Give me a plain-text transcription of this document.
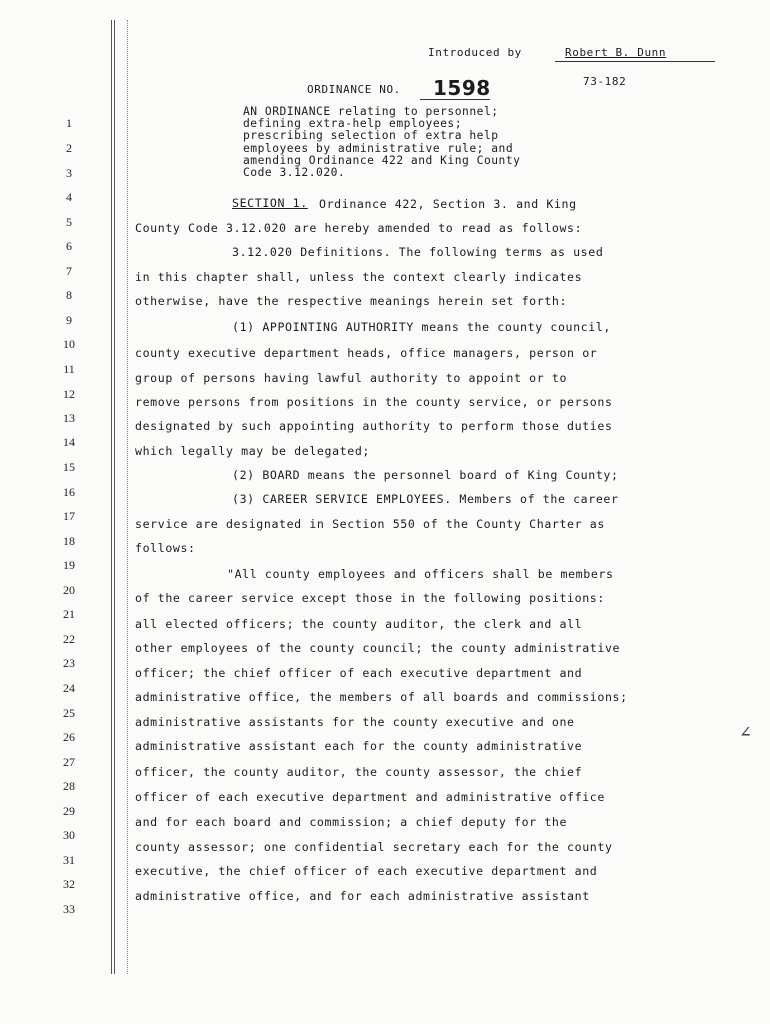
∠
Introduced by	Robert B. Dunn
73-182
ORDINANCE NO. 1598
AN ORDINANCE relating to personnel;
defining extra-help employees;
prescribing selection of extra help
employees by administrative rule; and
amending Ordinance 422 and King County
Code 3.12.020.
1
2
3
4
5
6
7
8
9
10
11
12
13
14
15
16
17
18
19
20
21
22
23
24
25
26
27
28
29
30
31
32
33
SECTION 1. Ordinance 422, Section 3. and King
County Code 3.12.020 are hereby amended to read as follows:
3.12.020 Definitions. The following terms as used
in this chapter shall, unless the context clearly indicates
otherwise, have the respective meanings herein set forth:
(1) APPOINTING AUTHORITY means the county council,
county executive department heads, office managers, person or
group of persons having lawful authority to appoint or to
remove persons from positions in the county service, or persons
designated by such appointing authority to perform those duties
which legally may be delegated;
(2) BOARD means the personnel board of King County;
(3) CAREER SERVICE EMPLOYEES. Members of the career
service are designated in Section 550 of the County Charter as
follows:
"All county employees and officers shall be members
of the career service except those in the following positions:
all elected officers; the county auditor, the clerk and all
other employees of the county council; the county administrative
officer; the chief officer of each executive department and
administrative office, the members of all boards and commissions;
administrative assistants for the county executive and one
administrative assistant each for the county administrative
officer, the county auditor, the county assessor, the chief
officer of each executive department and administrative office
and for each board and commission; a chief deputy for the
county assessor; one confidential secretary each for the county
executive, the chief officer of each executive department and
administrative office, and for each administrative assistant
